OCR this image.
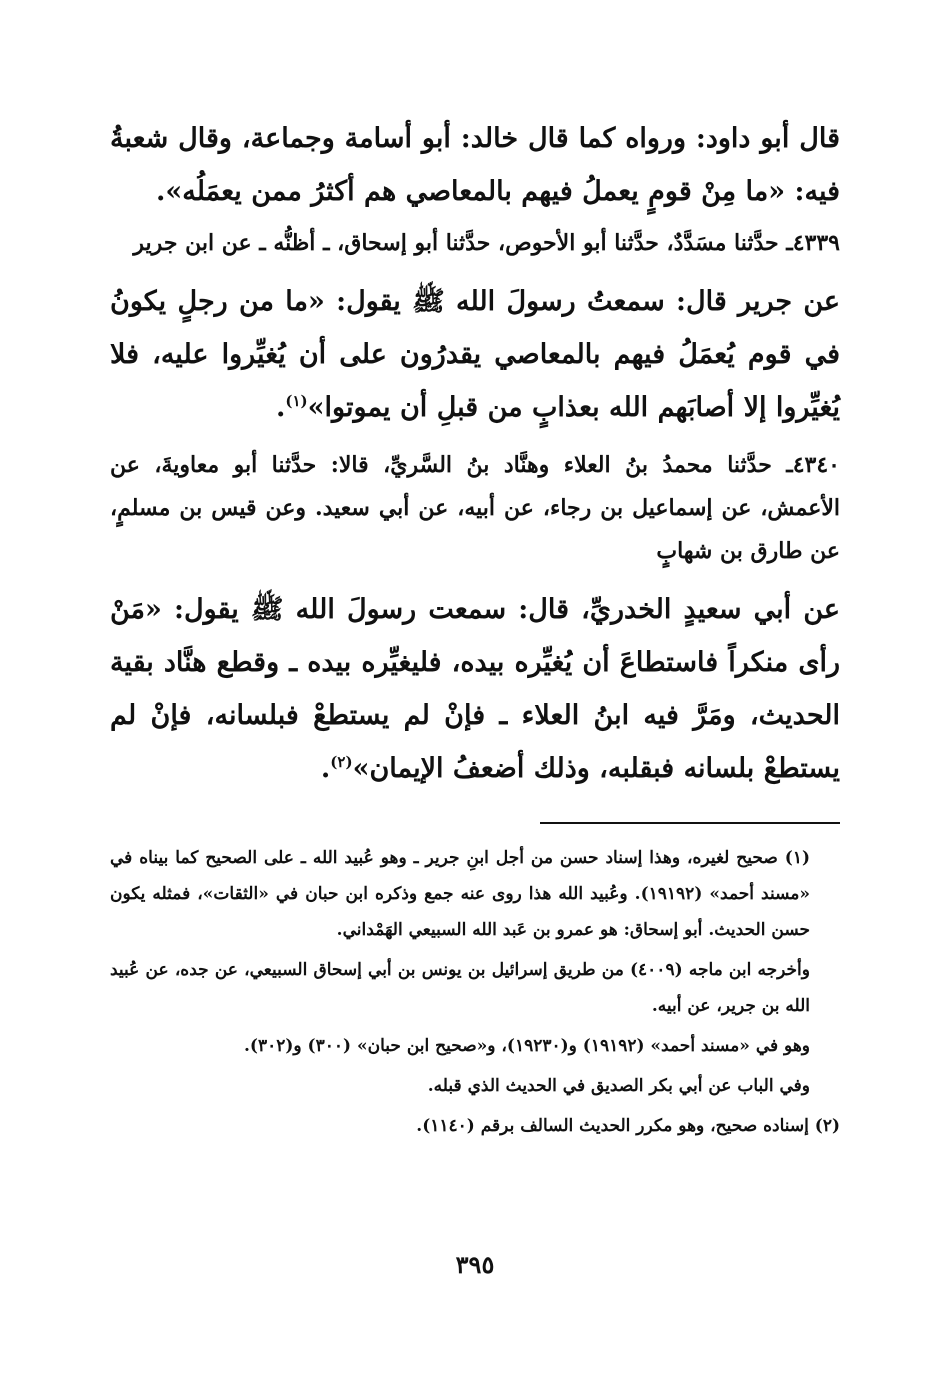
قال أبو داود: ورواه كما قال خالد: أبو أسامة وجماعة، وقال شعبةُ فيه: «ما مِنْ قومٍ يعملُ فيهم بالمعاصي هم أكثرُ ممن يعمَلُه».

٤٣٣٩ـ حدَّثنا مسَدَّدٌ، حدَّثنا أبو الأحوص، حدَّثنا أبو إسحاق، ـ أظنُّه ـ عن ابن جرير

عن جرير قال: سمعتُ رسولَ الله ﷺ يقول: «ما من رجلٍ يكونُ في قوم يُعمَلُ فيهم بالمعاصي يقدرُون على أن يُغيِّروا عليه، فلا يُغيِّروا إلا أصابَهم الله بعذابٍ من قبلِ أن يموتوا»$^{(١)}$.

٤٣٤٠ـ حدَّثنا محمدُ بنُ العلاء وهنَّاد بنُ السَّريِّ، قالا: حدَّثنا أبو معاويةَ، عن الأعمش، عن إسماعيل بن رجاء، عن أبيه، عن أبي سعيد. وعن قيس بن مسلمٍ، عن طارق بن شهابٍ

عن أبي سعيدٍ الخدريِّ، قال: سمعت رسولَ الله ﷺ يقول: «مَنْ رأى منكراً فاستطاعَ أن يُغيِّره بيده، فليغيِّره بيده ـ وقطع هنَّاد بقية الحديث، ومَرَّ فيه ابنُ العلاء ـ فإنْ لم يستطعْ فبلسانه، فإنْ لم يستطعْ بلسانه فبقلبه، وذلك أضعفُ الإيمان»$^{(٢)}$.

(١) صحيح لغيره، وهذا إسناد حسن من أجل ابنِ جرير ـ وهو عُبيد الله ـ على الصحيح كما بيناه في «مسند أحمد» (١٩١٩٢). وعُبيد الله هذا روى عنه جمع وذكره ابن حبان في «الثقات»، فمثله يكون حسن الحديث. أبو إسحاق: هو عمرو بن عَبد الله السبيعي الهَمْداني.

وأخرجه ابن ماجه (٤٠٠٩) من طريق إسرائيل بن يونس بن أبي إسحاق السبيعي، عن جده، عن عُبيد الله بن جرير، عن أبيه.

وهو في «مسند أحمد» (١٩١٩٢) و(١٩٢٣٠)، و«صحيح ابن حبان» (٣٠٠) و(٣٠٢).

وفي الباب عن أبي بكر الصديق في الحديث الذي قبله.

(٢) إسناده صحيح، وهو مكرر الحديث السالف برقم (١١٤٠).

٣٩٥
